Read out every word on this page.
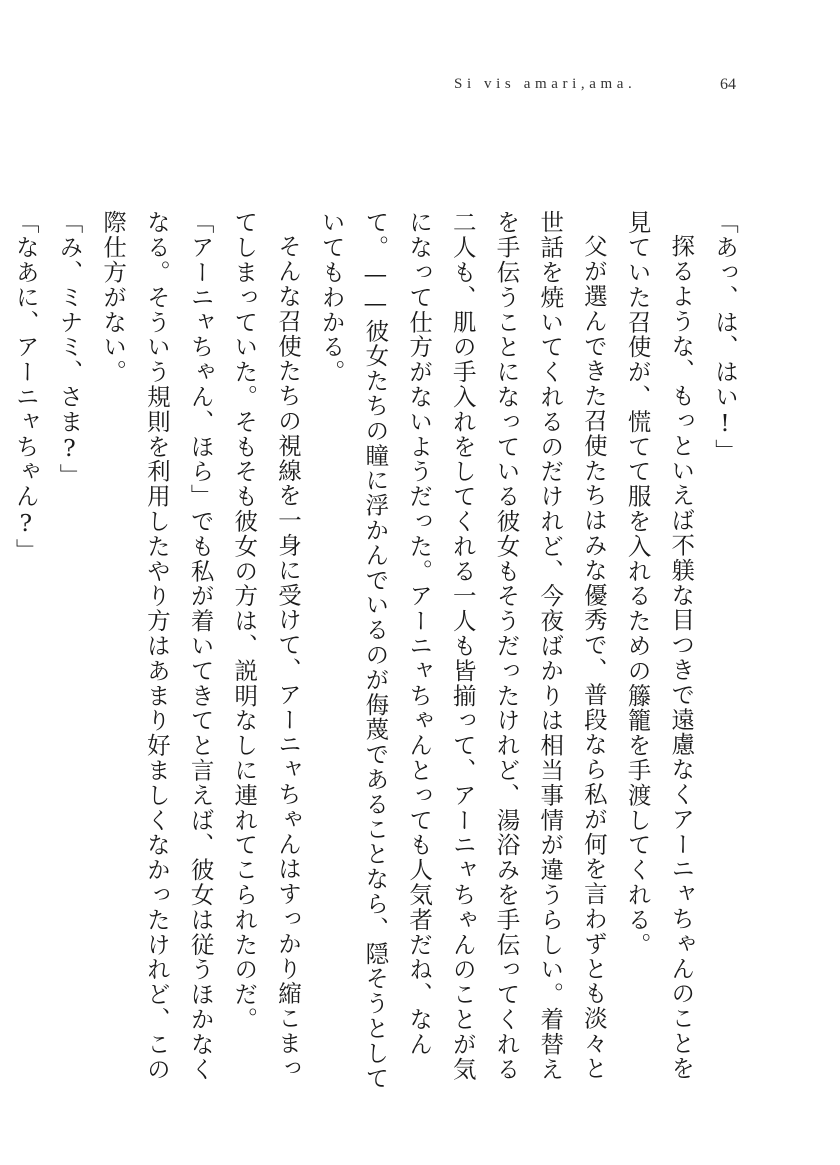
Si vis amari,ama.	64

「あっ、は、はい!」

探るような、もっといえば不躾な目つきで遠慮なくアーニャちゃんのことを見ていた召使が、慌てて服を入れるための籐籠を手渡してくれる。

父が選んできた召使たちはみな優秀で、普段なら私が何を言わずとも淡々と世話を焼いてくれるのだけれど、今夜ばかりは相当事情が違うらしい。着替えを手伝うことになっている彼女もそうだったけれど、湯浴みを手伝ってくれる二人も、肌の手入れをしてくれる一人も皆揃って、アーニャちゃんのことが気になって仕方がないようだった。アーニャちゃんとっても人気者だね、なんて。——彼女たちの瞳に浮かんでいるのが侮蔑であることなら、隠そうとしていてもわかる。

そんな召使たちの視線を一身に受けて、アーニャちゃんはすっかり縮こまってしまっていた。そもそも彼女の方は、説明なしに連れてこられたのだ。

「アーニャちゃん、ほら」でも私が着いてきてと言えば、彼女は従うほかなくなる。そういう規則を利用したやり方はあまり好ましくなかったけれど、この際仕方がない。

「み、ミナミ、さま?」

「なあに、アーニャちゃん?」
